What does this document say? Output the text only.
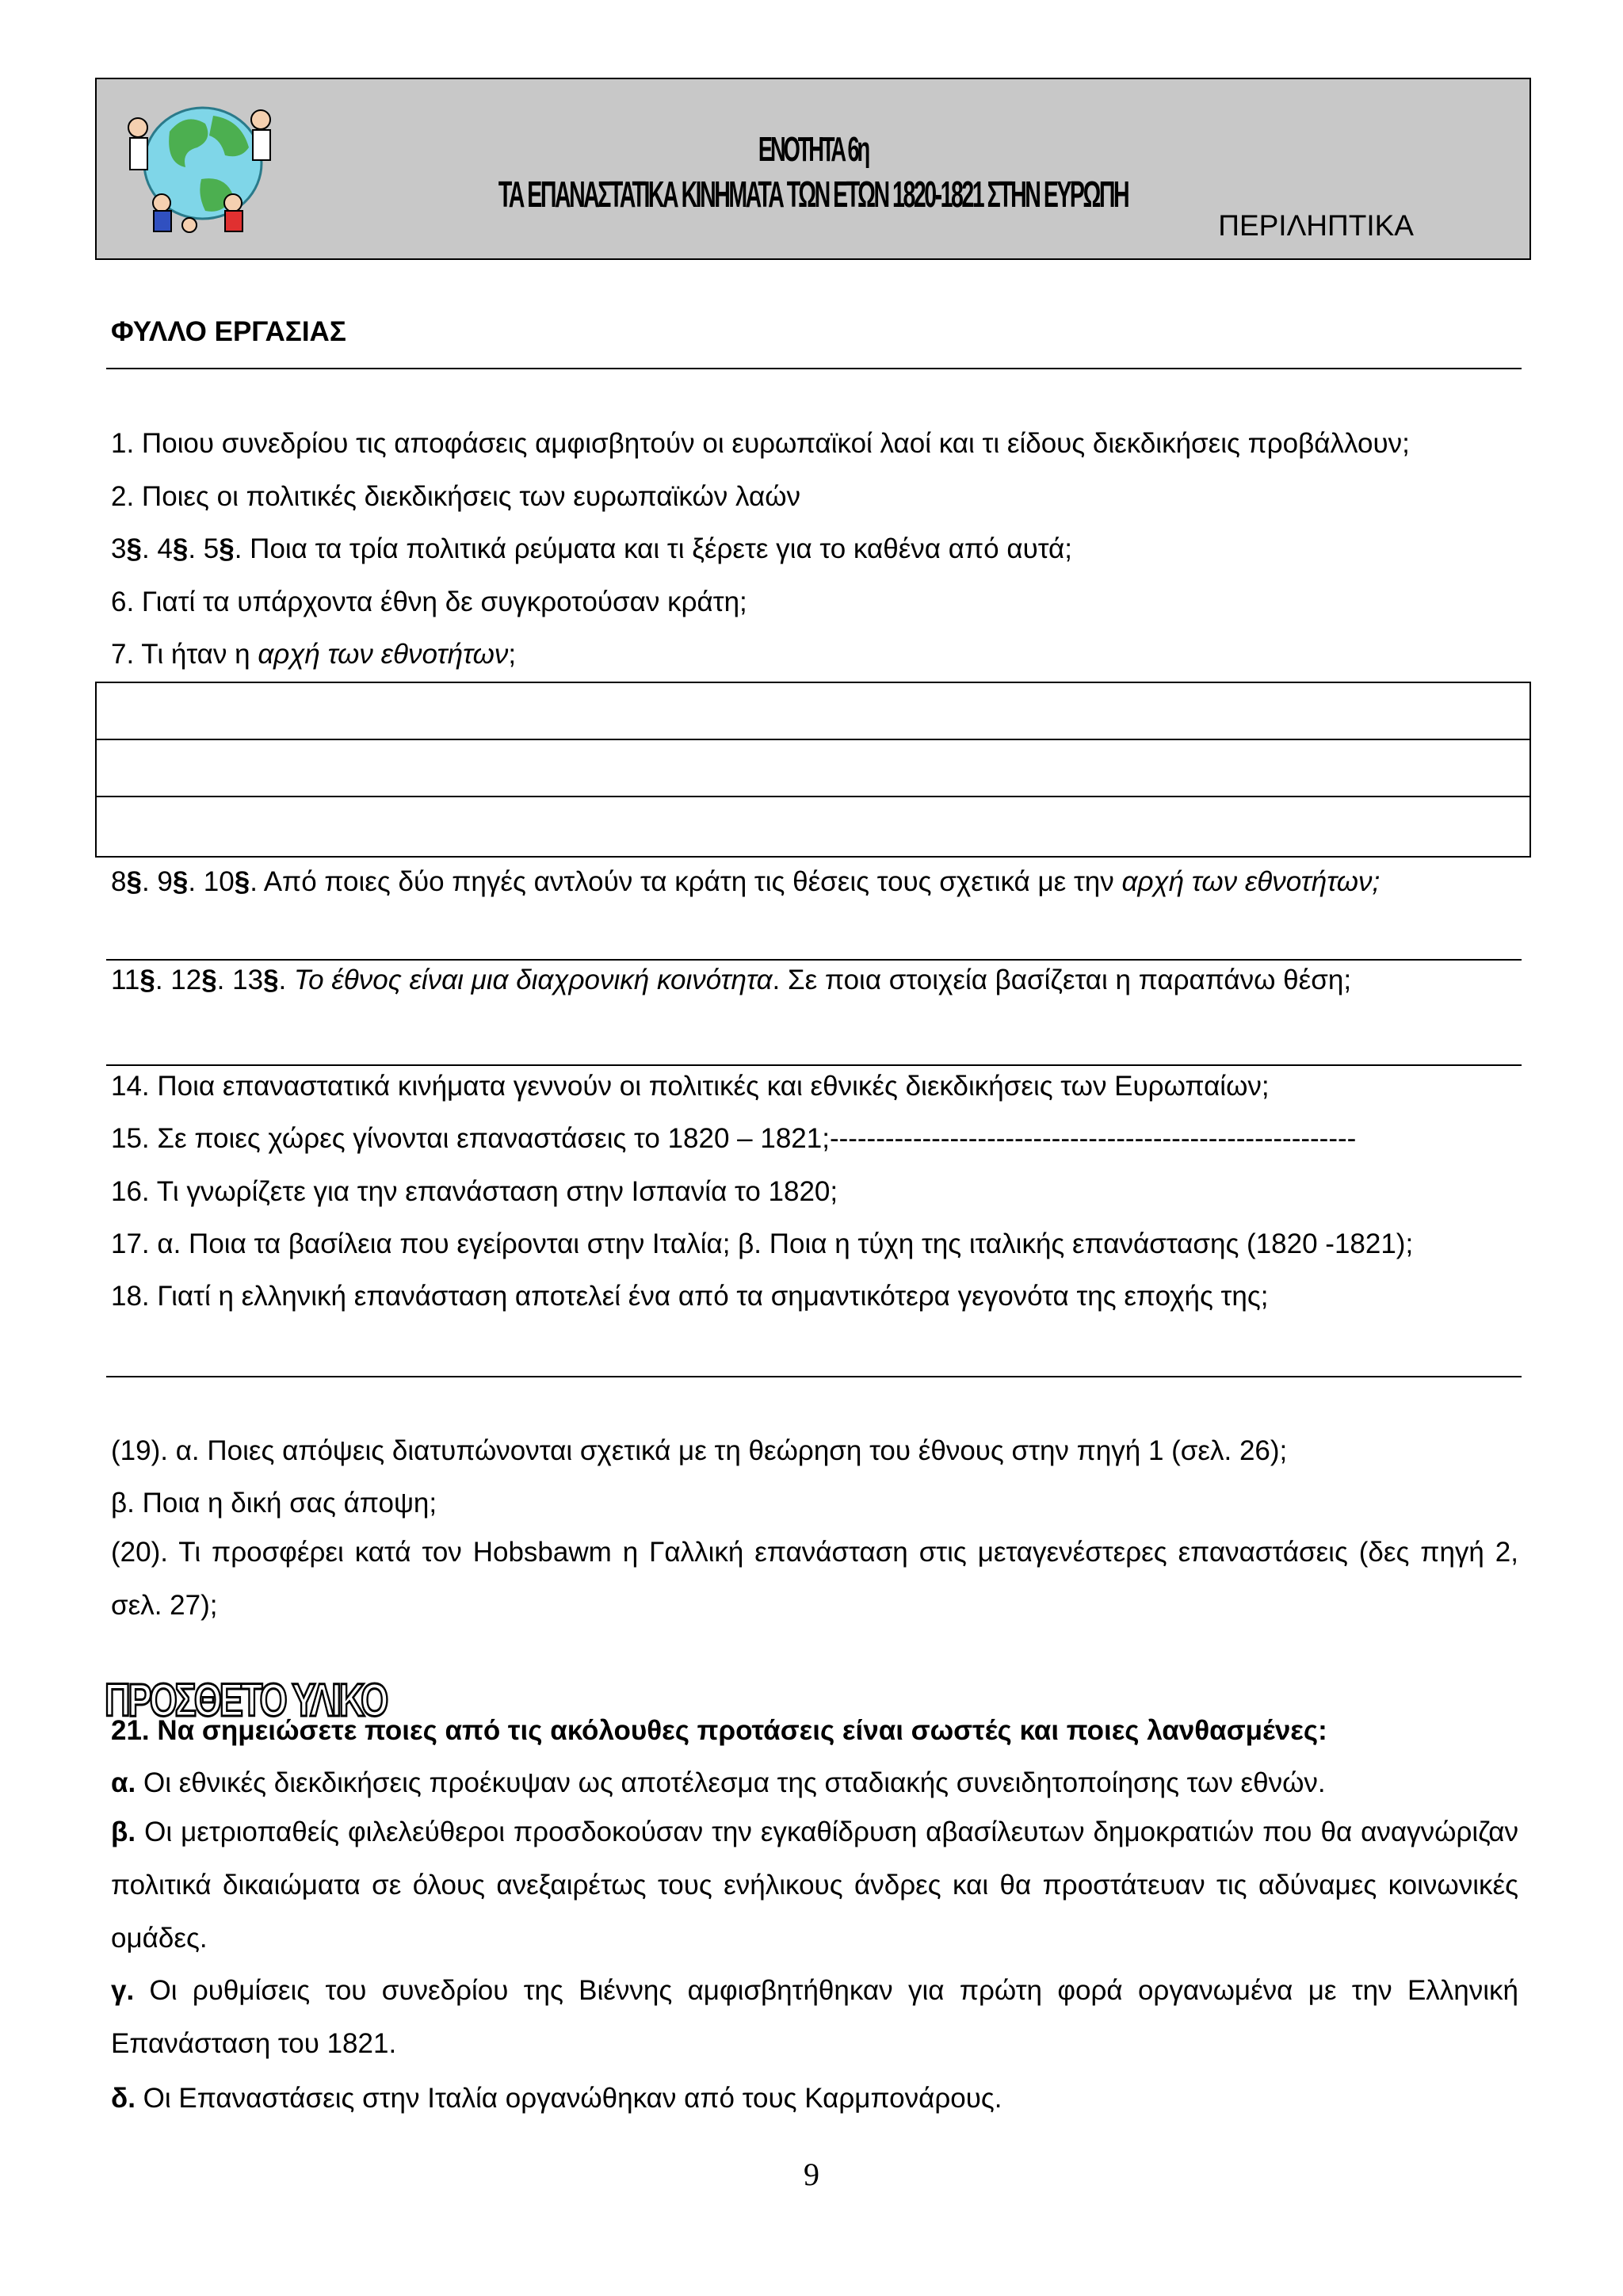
ΕΝΟΤΗΤΑ 6η
ΤΑ ΕΠΑΝΑΣΤΑΤΙΚΑ ΚΙΝΗΜΑΤΑ ΤΩΝ ΕΤΩΝ 1820-1821 ΣΤΗΝ ΕΥΡΩΠΗ
ΠΕΡΙΛΗΠΤΙΚΑ
ΦΥΛΛΟ ΕΡΓΑΣΙΑΣ
1. Ποιου συνεδρίου τις αποφάσεις αμφισβητούν οι ευρωπαϊκοί λαοί και τι είδους διεκδικήσεις προβάλλουν;
2. Ποιες οι πολιτικές διεκδικήσεις των ευρωπαϊκών λαών
3§. 4§. 5§. Ποια τα τρία πολιτικά ρεύματα και τι ξέρετε για το καθένα από αυτά;
6. Γιατί τα υπάρχοντα έθνη δε συγκροτούσαν κράτη;
7. Τι ήταν η αρχή των εθνοτήτων;
8§. 9§. 10§. Από ποιες δύο πηγές αντλούν τα κράτη τις θέσεις τους σχετικά με την αρχή των εθνοτήτων;
11§. 12§. 13§. Το έθνος είναι μια διαχρονική κοινότητα. Σε ποια στοιχεία βασίζεται η παραπάνω θέση;
14. Ποια επαναστατικά κινήματα γεννούν οι πολιτικές και εθνικές διεκδικήσεις των Ευρωπαίων;
15. Σε ποιες χώρες γίνονται επαναστάσεις το 1820 – 1821;---------------------------------------------------------
16. Τι γνωρίζετε για την επανάσταση στην Ισπανία το 1820;
17. α. Ποια τα βασίλεια που εγείρονται στην Ιταλία; β. Ποια η τύχη της ιταλικής επανάστασης (1820 -1821);
18. Γιατί η ελληνική επανάσταση αποτελεί ένα από τα σημαντικότερα γεγονότα της εποχής της;
(19). α. Ποιες απόψεις διατυπώνονται σχετικά με τη θεώρηση του έθνους στην πηγή 1 (σελ. 26);
β. Ποια η δική σας άποψη;
(20). Τι προσφέρει κατά τον Hobsbawm η Γαλλική επανάσταση στις μεταγενέστερες επαναστάσεις (δες πηγή 2, σελ. 27);
ΠΡΟΣΘΕΤΟ ΥΛΙΚΟ
21. Να σημειώσετε ποιες από τις ακόλουθες προτάσεις είναι σωστές και ποιες λανθασμένες:
α. Οι εθνικές διεκδικήσεις προέκυψαν ως αποτέλεσμα της σταδιακής συνειδητοποίησης των εθνών.
β. Οι μετριοπαθείς φιλελεύθεροι προσδοκούσαν την εγκαθίδρυση αβασίλευτων δημοκρατιών που θα αναγνώριζαν πολιτικά δικαιώματα σε όλους ανεξαιρέτως τους ενήλικους άνδρες και θα προστάτευαν τις αδύναμες κοινωνικές ομάδες.
γ. Οι ρυθμίσεις του συνεδρίου της Βιέννης αμφισβητήθηκαν για πρώτη φορά οργανωμένα με την Ελληνική Επανάσταση του 1821.
δ. Οι Επαναστάσεις στην Ιταλία οργανώθηκαν από τους Καρμπονάρους.
9
